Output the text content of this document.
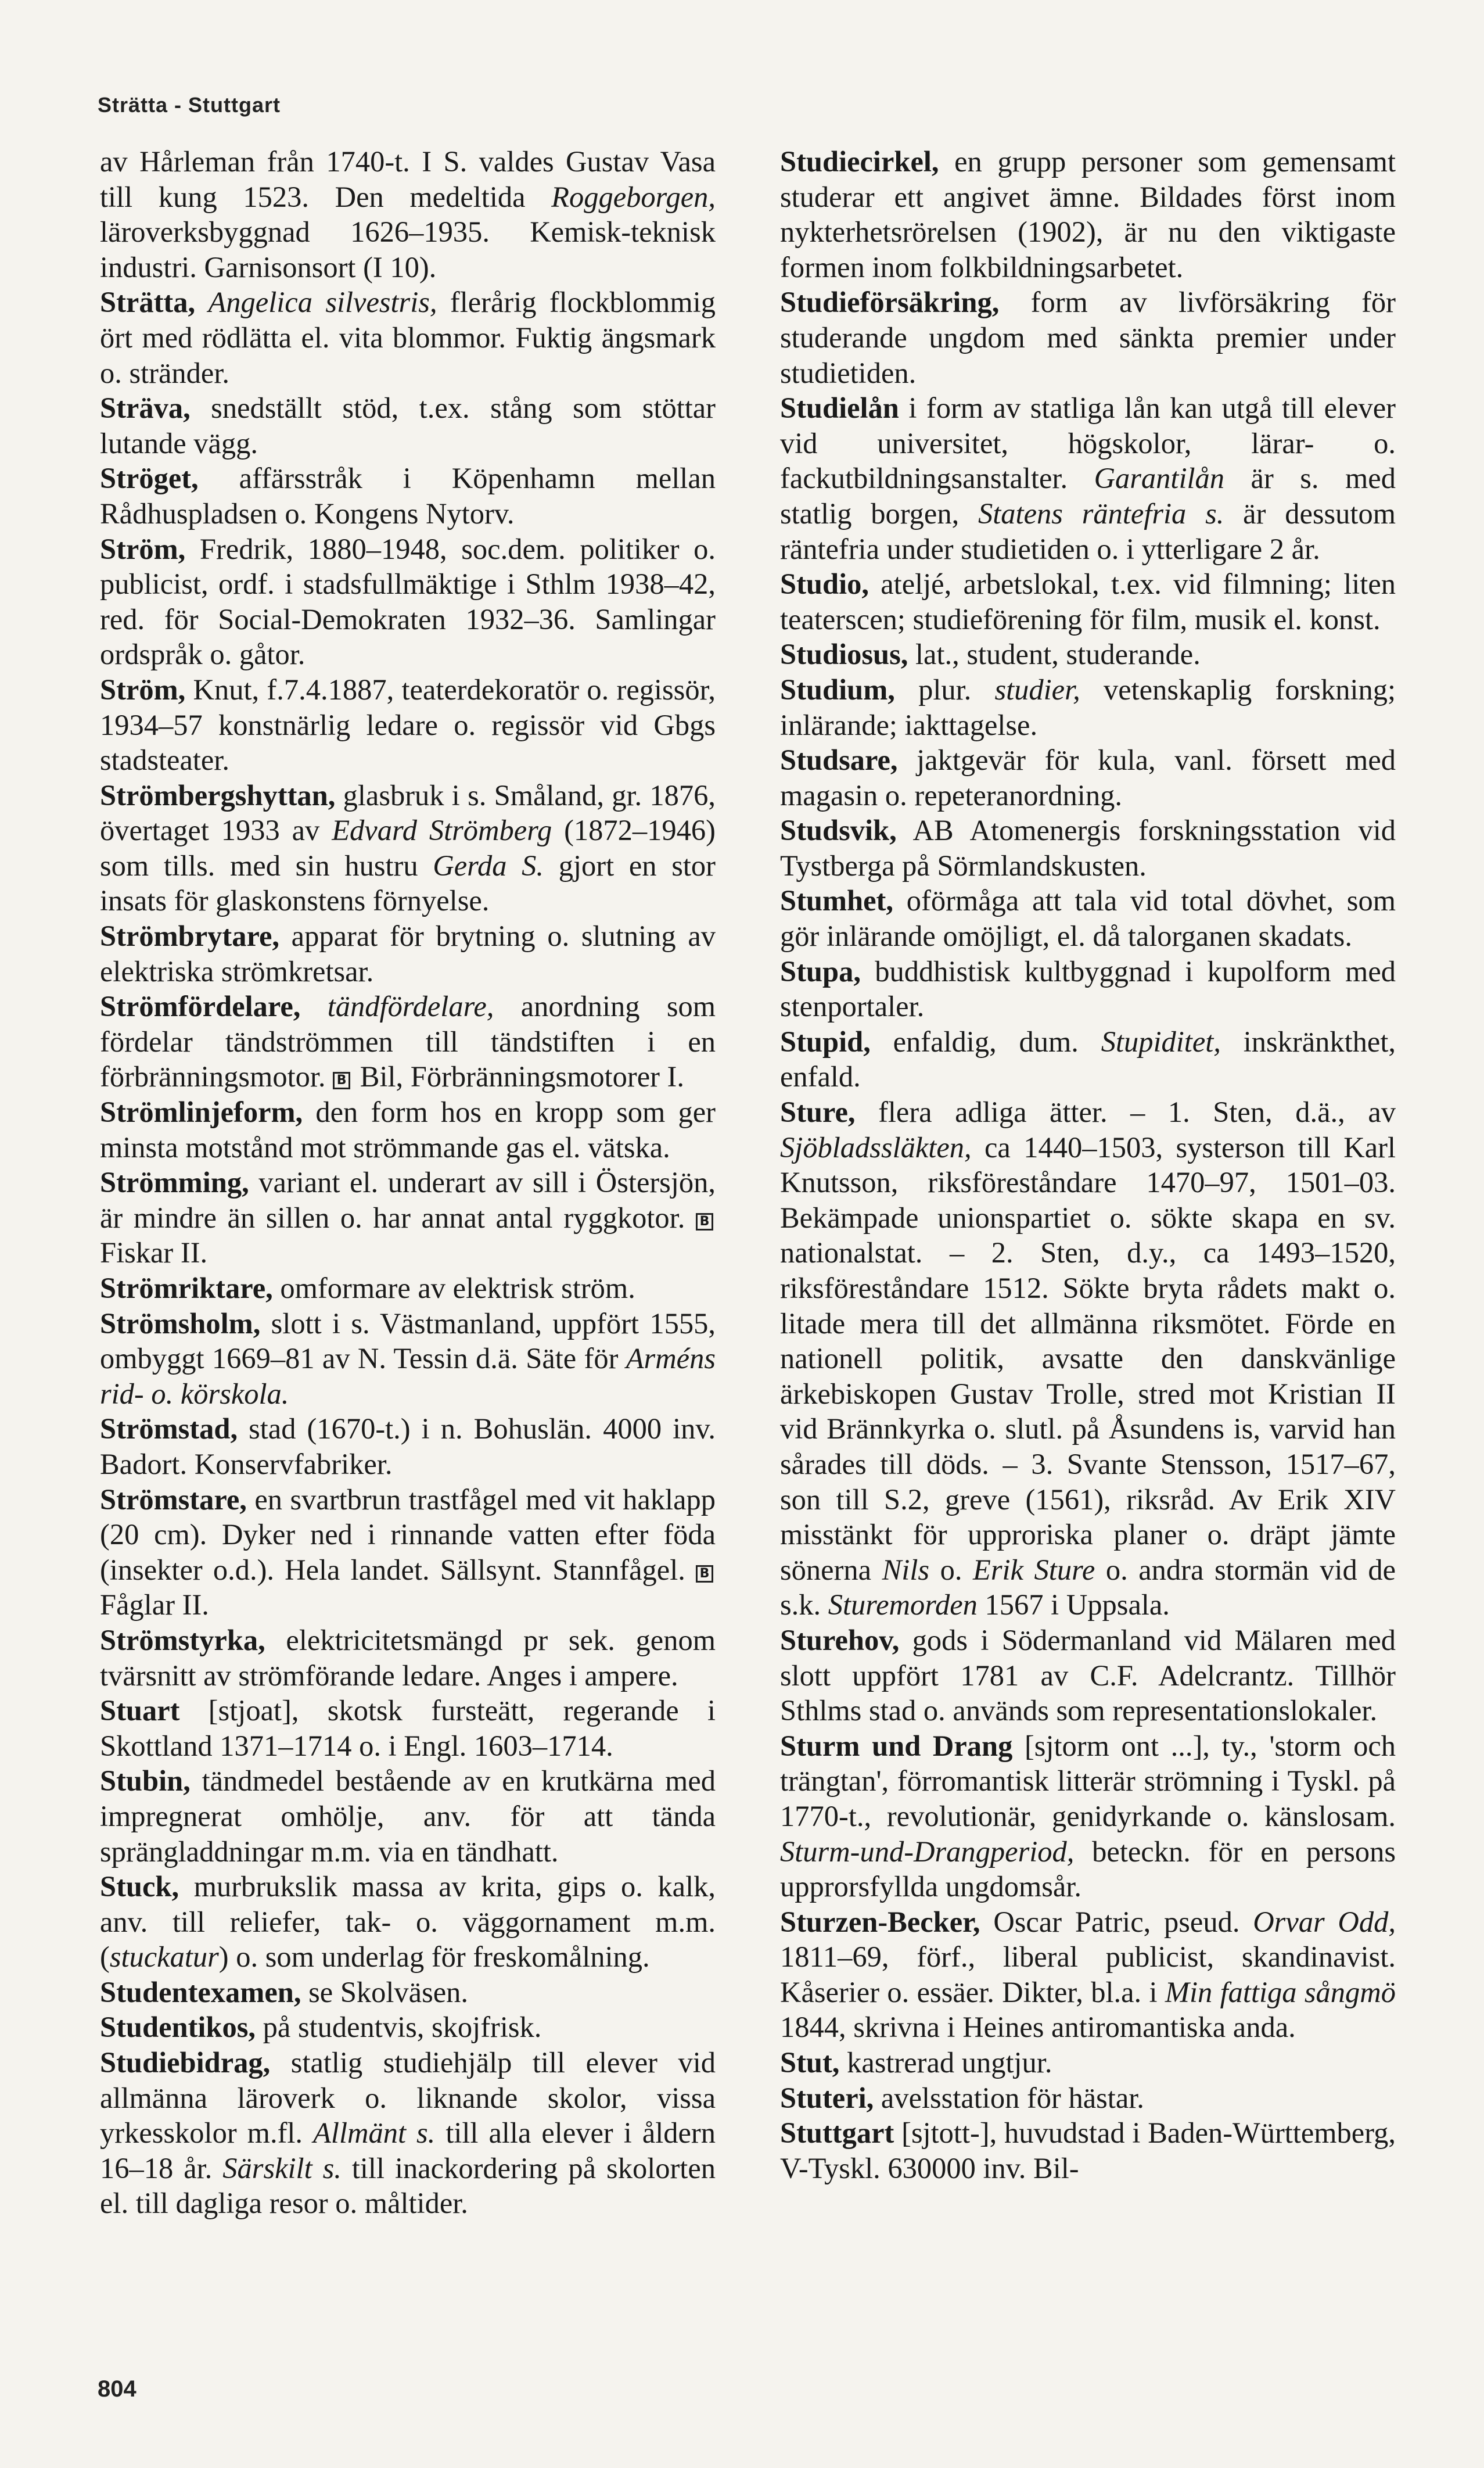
Strätta - Stuttgart

av Hårleman från 1740-t. I S. valdes Gustav Vasa till kung 1523. Den medeltida Roggeborgen, läroverksbyggnad 1626–1935. Kemisk-teknisk industri. Garnisonsort (I 10).

Strätta, Angelica silvestris, flerårig flockblommig ört med rödlätta el. vita blommor. Fuktig ängsmark o. stränder.

Sträva, snedställt stöd, t.ex. stång som stöttar lutande vägg.

Ströget, affärsstråk i Köpenhamn mellan Rådhuspladsen o. Kongens Nytorv.

Ström, Fredrik, 1880–1948, soc.dem. politiker o. publicist, ordf. i stadsfullmäktige i Sthlm 1938–42, red. för Social-Demokraten 1932–36. Samlingar ordspråk o. gåtor.

Ström, Knut, f.7.4.1887, teaterdekoratör o. regissör, 1934–57 konstnärlig ledare o. regissör vid Gbgs stadsteater.

Strömbergshyttan, glasbruk i s. Småland, gr. 1876, övertaget 1933 av Edvard Strömberg (1872–1946) som tills. med sin hustru Gerda S. gjort en stor insats för glaskonstens förnyelse.

Strömbrytare, apparat för brytning o. slutning av elektriska strömkretsar.

Strömfördelare, tändfördelare, anordning som fördelar tändströmmen till tändstiften i en förbränningsmotor. B Bil, Förbränningsmotorer I.

Strömlinjeform, den form hos en kropp som ger minsta motstånd mot strömmande gas el. vätska.

Strömming, variant el. underart av sill i Östersjön, är mindre än sillen o. har annat antal ryggkotor. B Fiskar II.

Strömriktare, omformare av elektrisk ström.

Strömsholm, slott i s. Västmanland, uppfört 1555, ombyggt 1669–81 av N. Tessin d.ä. Säte för Arméns rid- o. körskola.

Strömstad, stad (1670-t.) i n. Bohuslän. 4000 inv. Badort. Konservfabriker.

Strömstare, en svartbrun trastfågel med vit haklapp (20 cm). Dyker ned i rinnande vatten efter föda (insekter o.d.). Hela landet. Sällsynt. Stannfågel. B Fåglar II.

Strömstyrka, elektricitetsmängd pr sek. genom tvärsnitt av strömförande ledare. Anges i ampere.

Stuart [stjoat], skotsk fursteätt, regerande i Skottland 1371–1714 o. i Engl. 1603–1714.

Stubin, tändmedel bestående av en krutkärna med impregnerat omhölje, anv. för att tända sprängladdningar m.m. via en tändhatt.

Stuck, murbrukslik massa av krita, gips o. kalk, anv. till reliefer, tak- o. väggornament m.m. (stuckatur) o. som underlag för freskomålning.

Studentexamen, se Skolväsen.

Studentikos, på studentvis, skojfrisk.

Studiebidrag, statlig studiehjälp till elever vid allmänna läroverk o. liknande skolor, vissa yrkesskolor m.fl. Allmänt s. till alla elever i åldern 16–18 år. Särskilt s. till inackordering på skolorten el. till dagliga resor o. måltider.

Studiecirkel, en grupp personer som gemensamt studerar ett angivet ämne. Bildades först inom nykterhetsrörelsen (1902), är nu den viktigaste formen inom folkbildningsarbetet.

Studieförsäkring, form av livförsäkring för studerande ungdom med sänkta premier under studietiden.

Studielån i form av statliga lån kan utgå till elever vid universitet, högskolor, lärar- o. fackutbildningsanstalter. Garantilån är s. med statlig borgen, Statens räntefria s. är dessutom räntefria under studietiden o. i ytterligare 2 år.

Studio, ateljé, arbetslokal, t.ex. vid filmning; liten teaterscen; studieförening för film, musik el. konst.

Studiosus, lat., student, studerande.

Studium, plur. studier, vetenskaplig forskning; inlärande; iakttagelse.

Studsare, jaktgevär för kula, vanl. försett med magasin o. repeteranordning.

Studsvik, AB Atomenergis forskningsstation vid Tystberga på Sörmlandskusten.

Stumhet, oförmåga att tala vid total dövhet, som gör inlärande omöjligt, el. då talorganen skadats.

Stupa, buddhistisk kultbyggnad i kupolform med stenportaler.

Stupid, enfaldig, dum. Stupiditet, inskränkthet, enfald.

Sture, flera adliga ätter. – 1. Sten, d.ä., av Sjöbladssläkten, ca 1440–1503, systerson till Karl Knutsson, riksföreståndare 1470–97, 1501–03. Bekämpade unionspartiet o. sökte skapa en sv. nationalstat. – 2. Sten, d.y., ca 1493–1520, riksföreståndare 1512. Sökte bryta rådets makt o. litade mera till det allmänna riksmötet. Förde en nationell politik, avsatte den danskvänlige ärkebiskopen Gustav Trolle, stred mot Kristian II vid Brännkyrka o. slutl. på Åsundens is, varvid han sårades till döds. – 3. Svante Stensson, 1517–67, son till S.2, greve (1561), riksråd. Av Erik XIV misstänkt för upproriska planer o. dräpt jämte sönerna Nils o. Erik Sture o. andra stormän vid de s.k. Sturemorden 1567 i Uppsala.

Sturehov, gods i Södermanland vid Mälaren med slott uppfört 1781 av C.F. Adelcrantz. Tillhör Sthlms stad o. används som representationslokaler.

Sturm und Drang [sjtorm ont ...], ty., 'storm och trängtan', förromantisk litterär strömning i Tyskl. på 1770-t., revolutionär, genidyrkande o. känslosam. Sturm-und-Drangperiod, beteckn. för en persons upprorsfyllda ungdomsår.

Sturzen-Becker, Oscar Patric, pseud. Orvar Odd, 1811–69, förf., liberal publicist, skandinavist. Kåserier o. essäer. Dikter, bl.a. i Min fattiga sångmö 1844, skrivna i Heines antiromantiska anda.

Stut, kastrerad ungtjur.

Stuteri, avelsstation för hästar.

Stuttgart [sjtott-], huvudstad i Baden-Württemberg, V-Tyskl. 630000 inv. Bil-

804
